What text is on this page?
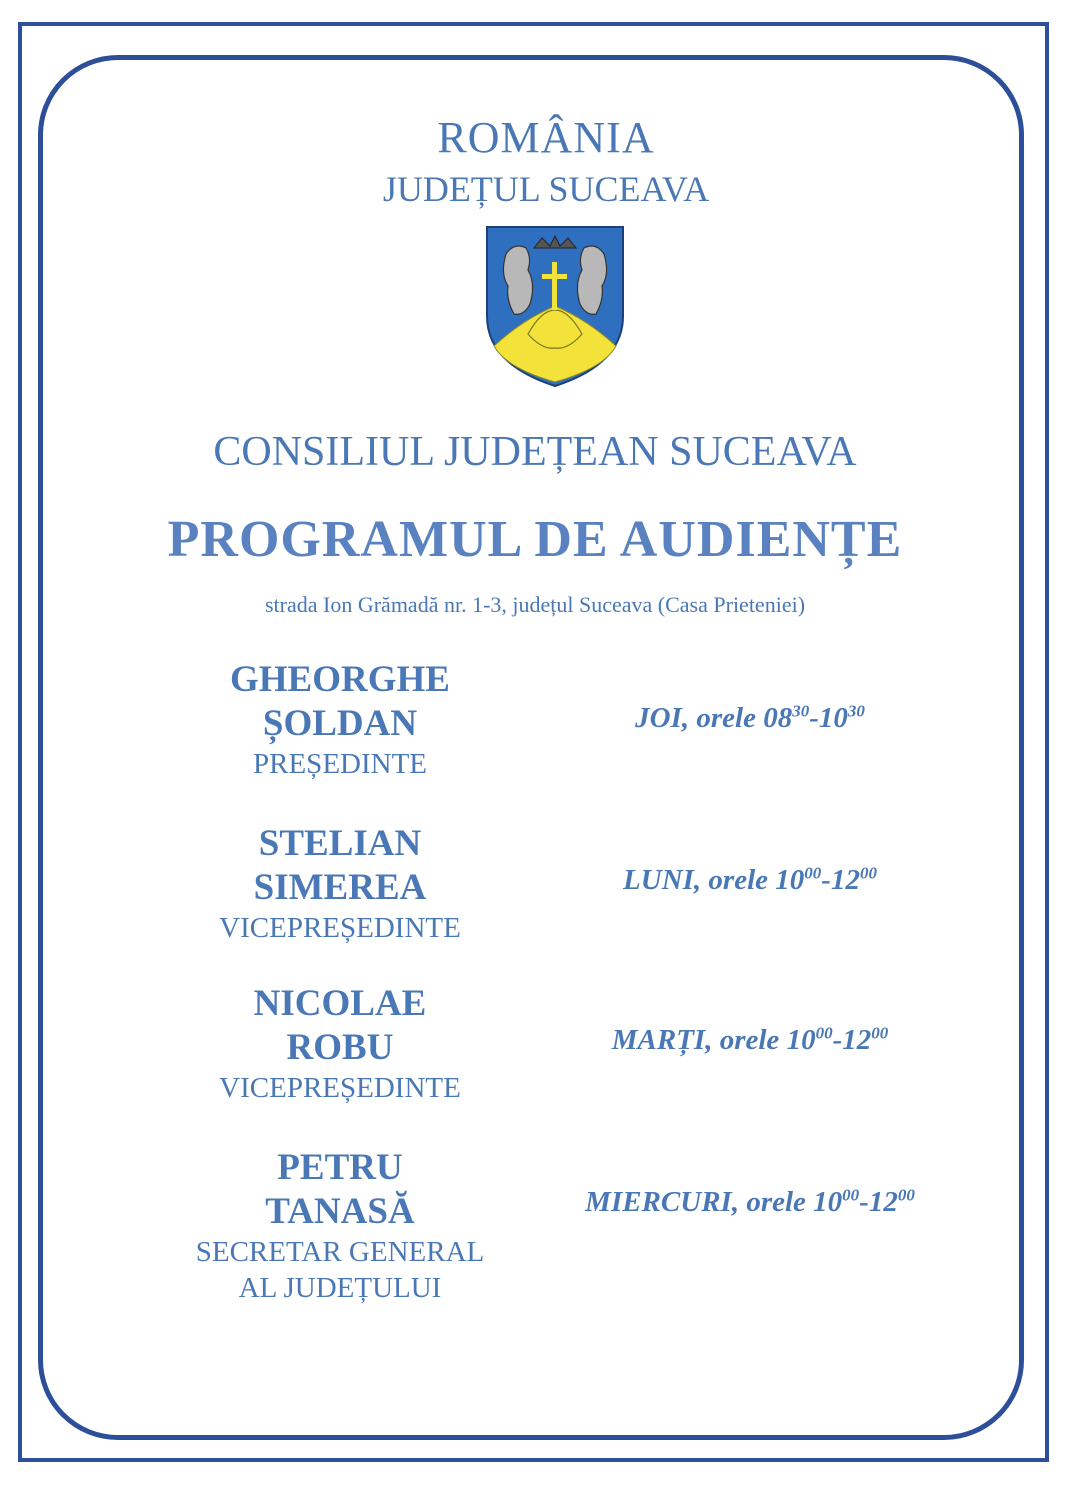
ROMÂNIA
JUDEȚUL SUCEAVA
CONSILIUL JUDEȚEAN SUCEAVA
PROGRAMUL DE AUDIENȚE
strada Ion Grămadă nr. 1-3, județul Suceava (Casa Prieteniei)
GHEORGHE
ȘOLDAN
PREȘEDINTE
JOI, orele $08^{30}-10^{30}$
STELIAN
SIMEREA
VICEPREȘEDINTE
LUNI, orele $10^{00}-12^{00}$
NICOLAE
ROBU
VICEPREȘEDINTE
MARȚI, orele $10^{00}-12^{00}$
PETRU
TANASĂ
SECRETAR GENERAL
AL JUDEȚULUI
MIERCURI, orele $10^{00}-12^{00}$
